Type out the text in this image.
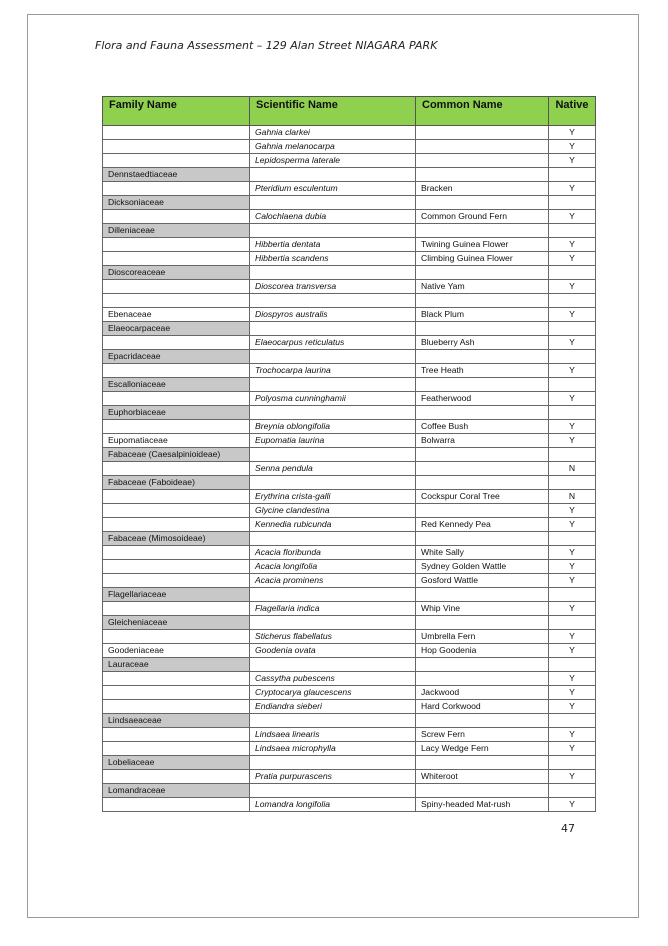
Flora and Fauna Assessment – 129 Alan Street NIAGARA PARK
Family Name	Scientific Name	Common Name	Native
	Gahnia clarkei		Y
	Gahnia melanocarpa		Y
	Lepidosperma laterale		Y
Dennstaedtiaceae			
	Pteridium esculentum	Bracken	Y
Dicksoniaceae			
	Calochlaena dubia	Common Ground Fern	Y
Dilleniaceae			
	Hibbertia dentata	Twining Guinea Flower	Y
	Hibbertia scandens	Climbing Guinea Flower	Y
Dioscoreaceae			
	Dioscorea transversa	Native Yam	Y

Ebenaceae	Diospyros australis	Black Plum	Y
Elaeocarpaceae			
	Elaeocarpus reticulatus	Blueberry Ash	Y
Epacridaceae			
	Trochocarpa laurina	Tree Heath	Y
Escalloniaceae			
	Polyosma cunninghamii	Featherwood	Y
Euphorbiaceae			
	Breynia oblongifolia	Coffee Bush	Y
Eupomatiaceae	Eupomatia laurina	Bolwarra	Y
Fabaceae (Caesalpinioideae)			
	Senna pendula		N
Fabaceae (Faboideae)			
	Erythrina crista-galli	Cockspur Coral Tree	N
	Glycine clandestina		Y
	Kennedia rubicunda	Red Kennedy Pea	Y
Fabaceae (Mimosoideae)			
	Acacia floribunda	White Sally	Y
	Acacia longifolia	Sydney Golden Wattle	Y
	Acacia prominens	Gosford Wattle	Y
Flagellariaceae			
	Flagellaria indica	Whip Vine	Y
Gleicheniaceae			
	Sticherus flabellatus	Umbrella Fern	Y
Goodeniaceae	Goodenia ovata	Hop Goodenia	Y
Lauraceae			
	Cassytha pubescens		Y
	Cryptocarya glaucescens	Jackwood	Y
	Endiandra sieberi	Hard Corkwood	Y
Lindsaeaceae			
	Lindsaea linearis	Screw Fern	Y
	Lindsaea microphylla	Lacy Wedge Fern	Y
Lobeliaceae			
	Pratia purpurascens	Whiteroot	Y
Lomandraceae			
	Lomandra longifolia	Spiny-headed Mat-rush	Y
47
